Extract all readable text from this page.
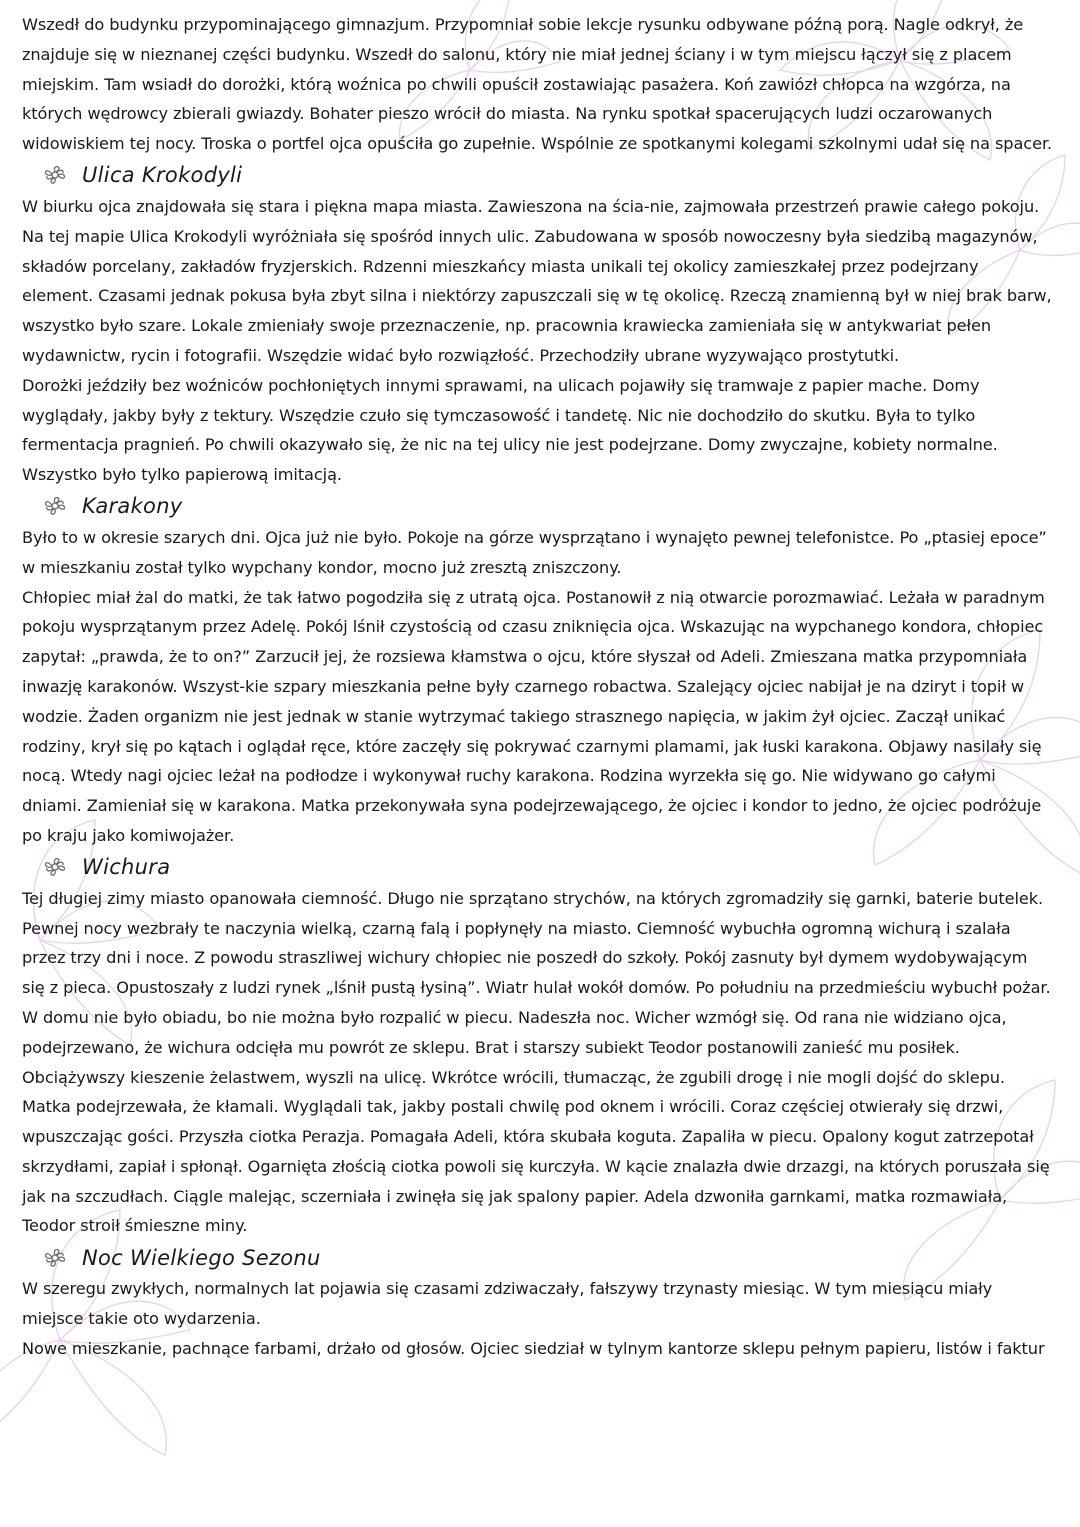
Wszedł do budynku przypominającego gimnazjum. Przypomniał sobie lekcje rysunku odbywane późną porą. Nagle odkrył, że znajduje się w nieznanej części budynku. Wszedł do salonu, który nie miał jednej ściany i w tym miejscu łączył się z placem miejskim. Tam wsiadł do dorożki, którą woźnica po chwili opuścił zostawiając pasażera. Koń zawiózł chłopca na wzgórza, na których wędrowcy zbierali gwiazdy. Bohater pieszo wrócił do miasta. Na rynku spotkał spacerujących ludzi oczarowanych widowiskiem tej nocy. Troska o portfel ojca opuściła go zupełnie. Wspólnie ze spotkanymi kolegami szkolnymi udał się na spacer.

Ulica Krokodyli

W biurku ojca znajdowała się stara i piękna mapa miasta. Zawieszona na ścia-nie, zajmowała przestrzeń prawie całego pokoju. Na tej mapie Ulica Krokodyli wyróżniała się spośród innych ulic. Zabudowana w sposób nowoczesny była siedzibą magazynów, składów porcelany, zakładów fryzjerskich. Rdzenni mieszkańcy miasta unikali tej okolicy zamieszkałej przez podejrzany element. Czasami jednak pokusa była zbyt silna i niektórzy zapuszczali się w tę okolicę. Rzeczą znamienną był w niej brak barw, wszystko było szare. Lokale zmieniały swoje przeznaczenie, np. pracownia krawiecka zamieniała się w antykwariat pełen wydawnictw, rycin i fotografii. Wszędzie widać było rozwiązłość. Przechodziły ubrane wyzywająco prostytutki.

Dorożki jeździły bez woźniców pochłoniętych innymi sprawami, na ulicach pojawiły się tramwaje z papier mache. Domy wyglądały, jakby były z tektury. Wszędzie czuło się tymczasowość i tandetę. Nic nie dochodziło do skutku. Była to tylko fermentacja pragnień. Po chwili okazywało się, że nic na tej ulicy nie jest podejrzane. Domy zwyczajne, kobiety normalne. Wszystko było tylko papierową imitacją.

Karakony

Było to w okresie szarych dni. Ojca już nie było. Pokoje na górze wysprzątano i wynajęto pewnej telefonistce. Po „ptasiej epoce” w mieszkaniu został tylko wypchany kondor, mocno już zresztą zniszczony.

Chłopiec miał żal do matki, że tak łatwo pogodziła się z utratą ojca. Postanowił z nią otwarcie porozmawiać. Leżała w paradnym pokoju wysprzątanym przez Adelę. Pokój lśnił czystością od czasu zniknięcia ojca. Wskazując na wypchanego kondora, chłopiec zapytał: „prawda, że to on?” Zarzucił jej, że rozsiewa kłamstwa o ojcu, które słyszał od Adeli. Zmieszana matka przypomniała inwazję karakonów. Wszyst-kie szpary mieszkania pełne były czarnego robactwa. Szalejący ojciec nabijał je na dziryt i topił w wodzie. Żaden organizm nie jest jednak w stanie wytrzymać takiego strasznego napięcia, w jakim żył ojciec. Zaczął unikać rodziny, krył się po kątach i oglądał ręce, które zaczęły się pokrywać czarnymi plamami, jak łuski karakona. Objawy nasilały się nocą. Wtedy nagi ojciec leżał na podłodze i wykonywał ruchy karakona. Rodzina wyrzekła się go. Nie widywano go całymi dniami. Zamieniał się w karakona. Matka przekonywała syna podejrzewającego, że ojciec i kondor to jedno, że ojciec podróżuje po kraju jako komiwojażer.

Wichura

Tej długiej zimy miasto opanowała ciemność. Długo nie sprzątano strychów, na których zgromadziły się garnki, baterie butelek. Pewnej nocy wezbrały te naczynia wielką, czarną falą i popłynęły na miasto. Ciemność wybuchła ogromną wichurą i szalała przez trzy dni i noce. Z powodu straszliwej wichury chłopiec nie poszedł do szkoły. Pokój zasnuty był dymem wydobywającym się z pieca. Opustoszały z ludzi rynek „lśnił pustą łysiną”. Wiatr hulał wokół domów. Po południu na przedmieściu wybuchł pożar. W domu nie było obiadu, bo nie można było rozpalić w piecu. Nadeszła noc. Wicher wzmógł się. Od rana nie widziano ojca, podejrzewano, że wichura odcięła mu powrót ze sklepu. Brat i starszy subiekt Teodor postanowili zanieść mu posiłek. Obciążywszy kieszenie żelastwem, wyszli na ulicę. Wkrótce wrócili, tłumacząc, że zgubili drogę i nie mogli dojść do sklepu. Matka podejrzewała, że kłamali. Wyglądali tak, jakby postali chwilę pod oknem i wrócili. Coraz częściej otwierały się drzwi, wpuszczając gości. Przyszła ciotka Perazja. Pomagała Adeli, która skubała koguta. Zapaliła w piecu. Opalony kogut zatrzepotał skrzydłami, zapiał i spłonął. Ogarnięta złością ciotka powoli się kurczyła. W kącie znalazła dwie drzazgi, na których poruszała się jak na szczudłach. Ciągle malejąc, sczerniała i zwinęła się jak spalony papier. Adela dzwoniła garnkami, matka rozmawiała, Teodor stroił śmieszne miny.

Noc Wielkiego Sezonu

W szeregu zwykłych, normalnych lat pojawia się czasami zdziwaczały, fałszywy trzynasty miesiąc. W tym miesiącu miały miejsce takie oto wydarzenia.

Nowe mieszkanie, pachnące farbami, drżało od głosów. Ojciec siedział w tylnym kantorze sklepu pełnym papieru, listów i faktur
